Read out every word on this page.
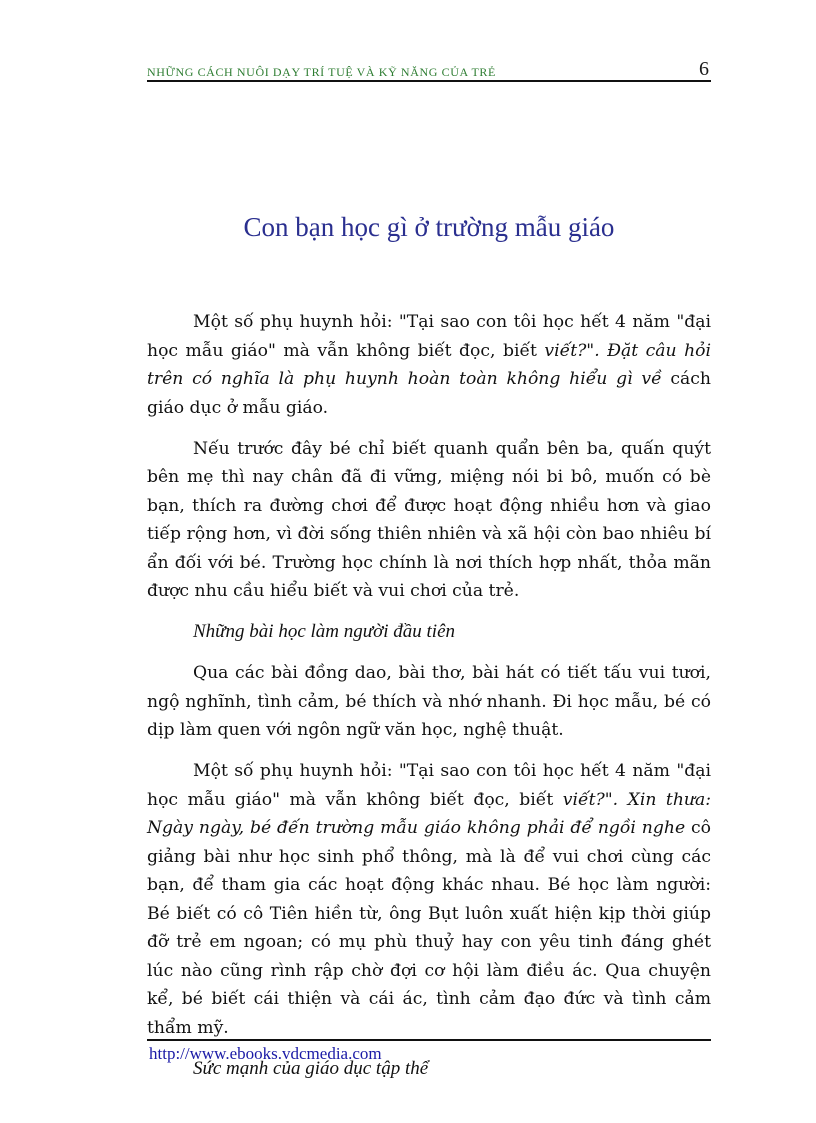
NHỮNG CÁCH NUÔI DẠY TRÍ TUỆ VÀ KỸ NĂNG CỦA TRẺ	6
Con bạn học gì ở trường mẫu giáo

Một số phụ huynh hỏi: "Tại sao con tôi học hết 4 năm "đại học mẫu giáo" mà vẫn không biết đọc, biết viết?". Đặt câu hỏi trên có nghĩa là phụ huynh hoàn toàn không hiểu gì về cách giáo dục ở mẫu giáo.

Nếu trước đây bé chỉ biết quanh quẩn bên ba, quấn quýt bên mẹ thì nay chân đã đi vững, miệng nói bi bô, muốn có bè bạn, thích ra đường chơi để được hoạt động nhiều hơn và giao tiếp rộng hơn, vì đời sống thiên nhiên và xã hội còn bao nhiêu bí ẩn đối với bé. Trường học chính là nơi thích hợp nhất, thỏa mãn được nhu cầu hiểu biết và vui chơi của trẻ.

Những bài học làm người đầu tiên

Qua các bài đồng dao, bài thơ, bài hát có tiết tấu vui tươi, ngộ nghĩnh, tình cảm, bé thích và nhớ nhanh. Đi học mẫu, bé có dịp làm quen với ngôn ngữ văn học, nghệ thuật.

Một số phụ huynh hỏi: "Tại sao con tôi học hết 4 năm "đại học mẫu giáo" mà vẫn không biết đọc, biết viết?". Xin thưa: Ngày ngày, bé đến trường mẫu giáo không phải để ngồi nghe cô giảng bài như học sinh phổ thông, mà là để vui chơi cùng các bạn, để tham gia các hoạt động khác nhau. Bé học làm người: Bé biết có cô Tiên hiền từ, ông Bụt luôn xuất hiện kịp thời giúp đỡ trẻ em ngoan; có mụ phù thuỷ hay con yêu tinh đáng ghét lúc nào cũng rình rập chờ đợi cơ hội làm điều ác. Qua chuyện kể, bé biết cái thiện và cái ác, tình cảm đạo đức và tình cảm thẩm mỹ.

Sức mạnh của giáo dục tập thể

http://www.ebooks.vdcmedia.com
